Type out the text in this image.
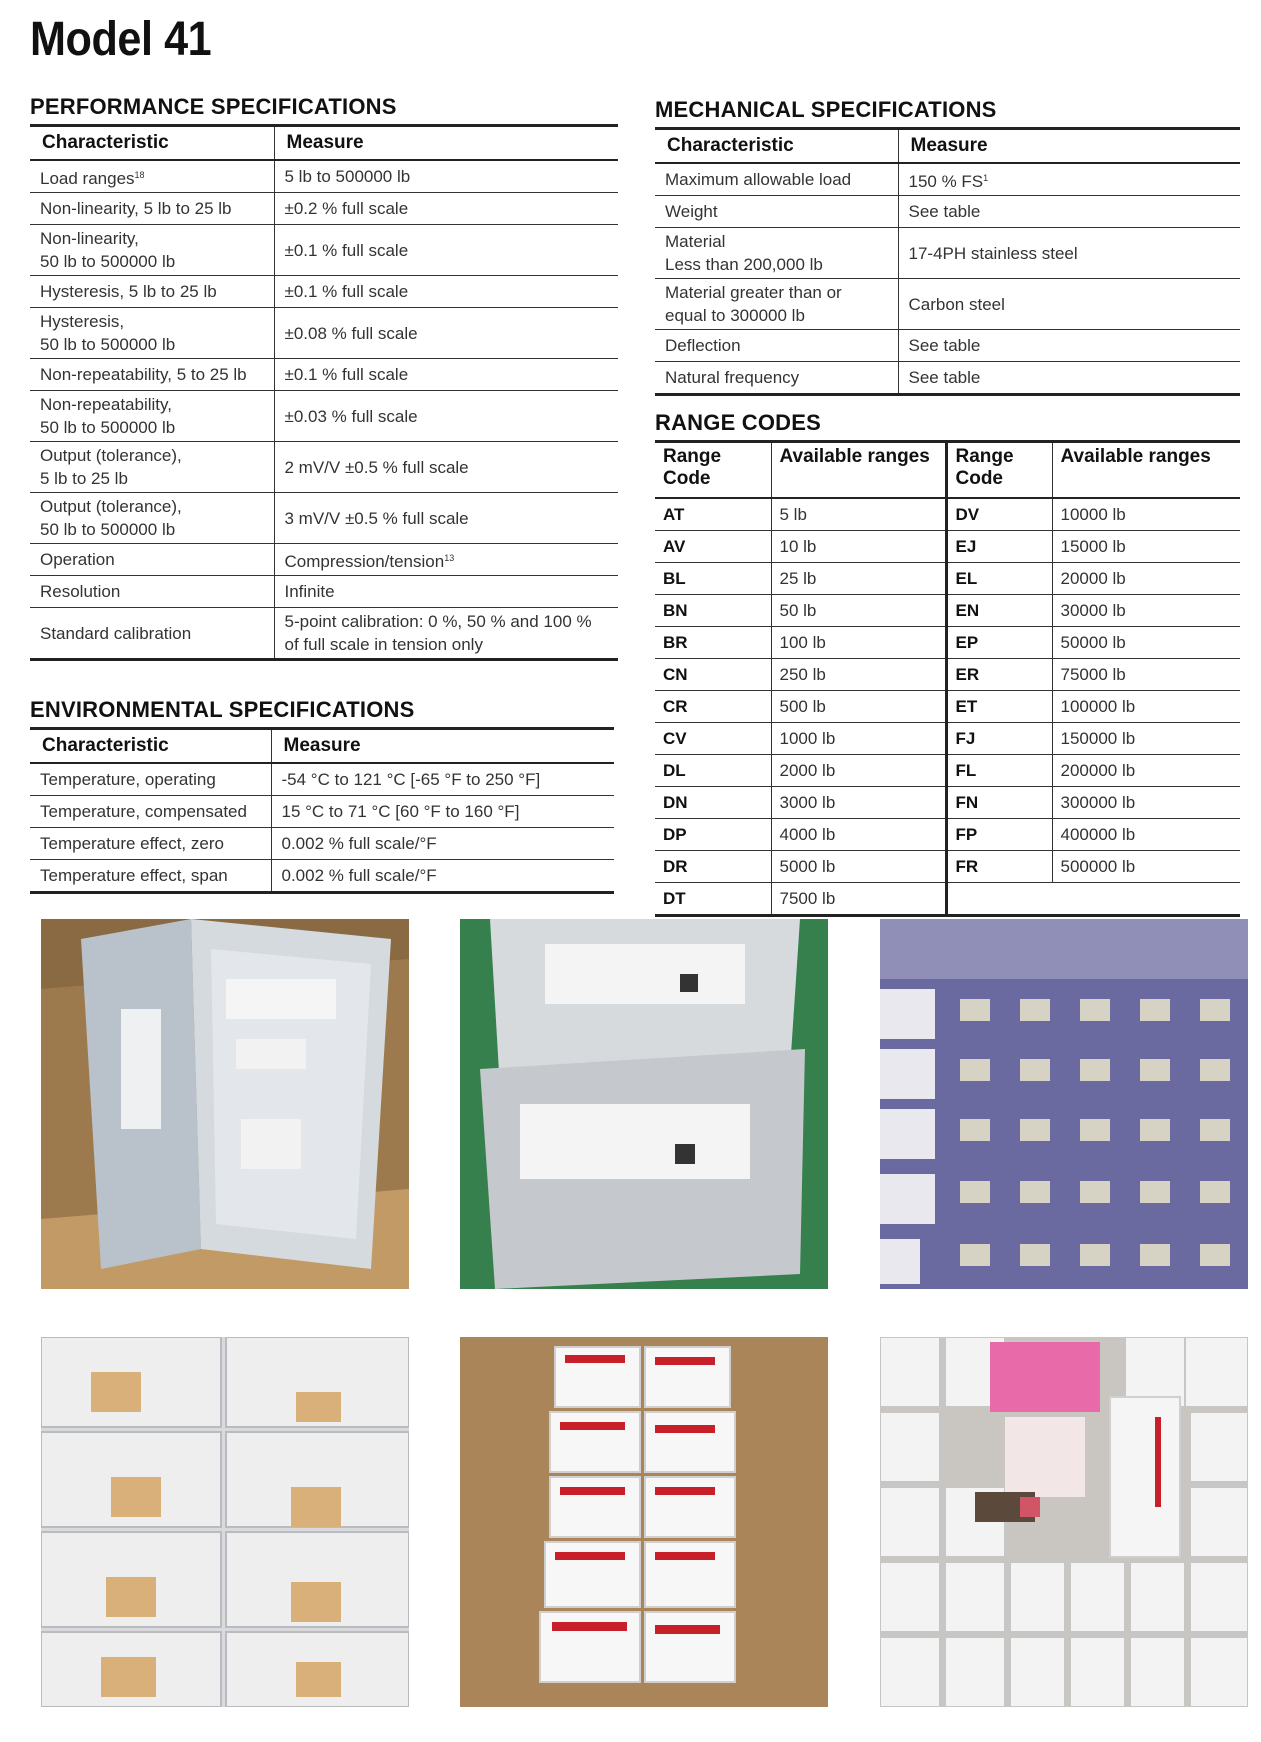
Model 41
PERFORMANCE SPECIFICATIONS
Characteristic	Measure
Load ranges$^{18}$	5 lb to 500000 lb
Non-linearity, 5 lb to 25 lb	±0.2 % full scale
Non-linearity,
50 lb to 500000 lb	±0.1 % full scale
Hysteresis, 5 lb to 25 lb	±0.1 % full scale
Hysteresis,
50 lb to 500000 lb	±0.08 % full scale
Non-repeatability, 5 to 25 lb	±0.1 % full scale
Non-repeatability,
50 lb to 500000 lb	±0.03 % full scale
Output (tolerance),
5 lb to 25 lb	2 mV/V ±0.5 % full scale
Output (tolerance),
50 lb to 500000 lb	3 mV/V ±0.5 % full scale
Operation	Compression/tension$^{13}$
Resolution	Infinite
Standard calibration	5-point calibration: 0 %, 50 % and 100 % of full scale in tension only
ENVIRONMENTAL SPECIFICATIONS
Characteristic	Measure
Temperature, operating	-54 °C to 121 °C [-65 °F to 250 °F]
Temperature, compensated	15 °C to 71 °C [60 °F to 160 °F]
Temperature effect, zero	0.002 % full scale/°F
Temperature effect, span	0.002 % full scale/°F
MECHANICAL SPECIFICATIONS
Characteristic	Measure
Maximum allowable load	150 % $FS^1$
Weight	See table
Material
Less than 200,000 lb	17-4PH stainless steel
Material greater than or
equal to 300000 lb	Carbon steel
Deflection	See table
Natural frequency	See table
RANGE CODES
Range
Code	Available ranges	Range
Code	Available ranges
AT	5 lb	DV	10000 lb
AV	10 lb	EJ	15000 lb
BL	25 lb	EL	20000 lb
BN	50 lb	EN	30000 lb
BR	100 lb	EP	50000 lb
CN	250 lb	ER	75000 lb
CR	500 lb	ET	100000 lb
CV	1000 lb	FJ	150000 lb
DL	2000 lb	FL	200000 lb
DN	3000 lb	FN	300000 lb
DP	4000 lb	FP	400000 lb
DR	5000 lb	FR	500000 lb
DT	7500 lb		
